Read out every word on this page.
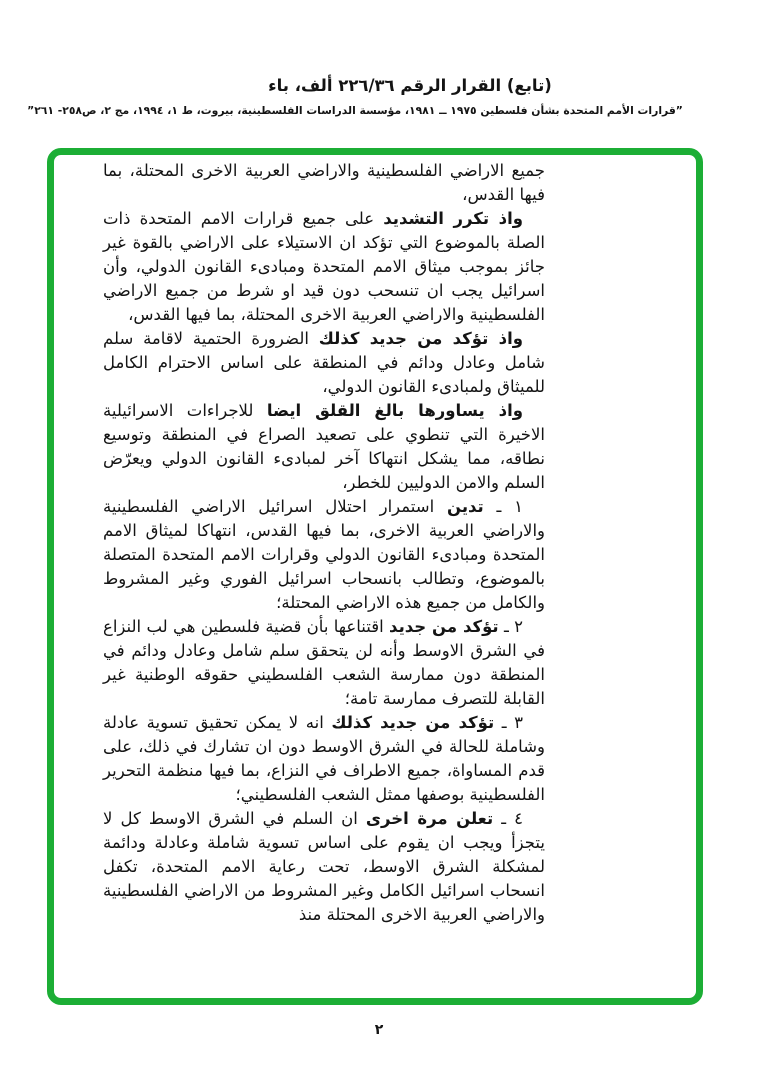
(تابع) القرار الرقم ٢٢٦/٣٦ ألف، باء
”قرارات الأمم المتحدة بشأن فلسطين ١٩٧٥ ــ ١٩٨١، مؤسسة الدراسات الفلسطينية، بيروت، ط ١، ١٩٩٤، مج ٢، ص٢٥٨- ٢٦١”

جميع الاراضي الفلسطينية والاراضي العربية الاخرى المحتلة، بما فيها القدس،

واذ تكرر التشديد على جميع قرارات الامم المتحدة ذات الصلة بالموضوع التي تؤكد ان الاستيلاء على الاراضي بالقوة غير جائز بموجب ميثاق الامم المتحدة ومبادىء القانون الدولي، وأن اسرائيل يجب ان تنسحب دون قيد او شرط من جميع الاراضي الفلسطينية والاراضي العربية الاخرى المحتلة، بما فيها القدس،

واذ تؤكد من جديد كذلك الضرورة الحتمية لاقامة سلم شامل وعادل ودائم في المنطقة على اساس الاحترام الكامل للميثاق ولمبادىء القانون الدولي،

واذ يساورها بالغ القلق ايضا للاجراءات الاسرائيلية الاخيرة التي تنطوي على تصعيد الصراع في المنطقة وتوسيع نطاقه، مما يشكل انتهاكا آخر لمبادىء القانون الدولي ويعرّض السلم والامن الدوليين للخطر،

١ ـ تدين استمرار احتلال اسرائيل الاراضي الفلسطينية والاراضي العربية الاخرى، بما فيها القدس، انتهاكا لميثاق الامم المتحدة ومبادىء القانون الدولي وقرارات الامم المتحدة المتصلة بالموضوع، وتطالب بانسحاب اسرائيل الفوري وغير المشروط والكامل من جميع هذه الاراضي المحتلة؛

٢ ـ تؤكد من جديد اقتناعها بأن قضية فلسطين هي لب النزاع في الشرق الاوسط وأنه لن يتحقق سلم شامل وعادل ودائم في المنطقة دون ممارسة الشعب الفلسطيني حقوقه الوطنية غير القابلة للتصرف ممارسة تامة؛

٣ ـ تؤكد من جديد كذلك انه لا يمكن تحقيق تسوية عادلة وشاملة للحالة في الشرق الاوسط دون ان تشارك في ذلك، على قدم المساواة، جميع الاطراف في النزاع، بما فيها منظمة التحرير الفلسطينية بوصفها ممثل الشعب الفلسطيني؛

٤ ـ تعلن مرة اخرى ان السلم في الشرق الاوسط كل لا يتجزأ ويجب ان يقوم على اساس تسوية شاملة وعادلة ودائمة لمشكلة الشرق الاوسط، تحت رعاية الامم المتحدة، تكفل انسحاب اسرائيل الكامل وغير المشروط من الاراضي الفلسطينية والاراضي العربية الاخرى المحتلة منذ

٢
